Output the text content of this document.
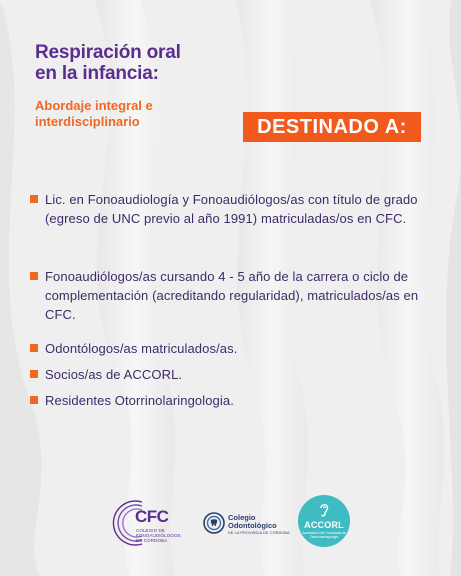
Respiración oral
en la infancia:
Abordaje integral e
interdisciplinario	DESTINADO A:
Lic. en Fonoaudiología y Fonoaudiólogos/as con título de grado (egreso de UNC previo al año 1991) matriculadas/os en CFC.
Fonoaudiólogos/as cursando 4 - 5 año de la carrera o ciclo de complementación (acreditando regularidad), matriculados/as en CFC.
Odontólogos/as matriculados/as.
Socios/as de ACCORL.
Residentes Otorrinolaringologia.
CFC
COLEGIO DE
FONOAUDIÓLOGOS
DE CÓRDOBA
Colegio
Odontológico
DE LA PROVINCIA DE CÓRDOBA
ACCORL
Asociación Civil Cordobesa de Otorrinolaringología
